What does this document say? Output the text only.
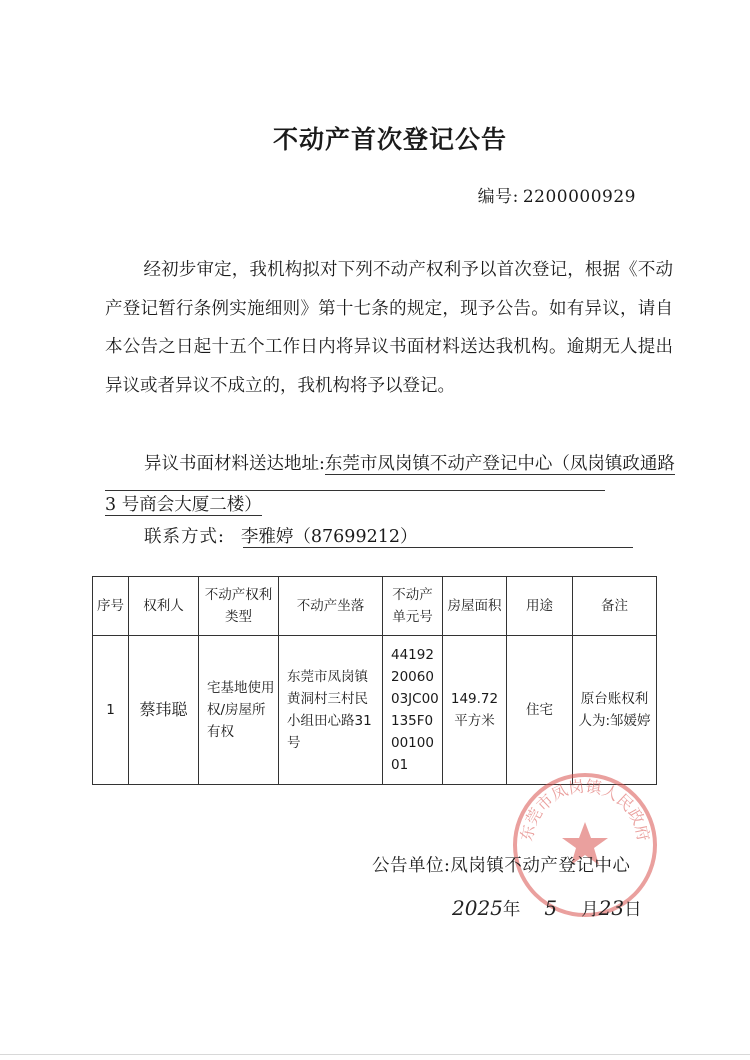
不动产首次登记公告
编号: 2200000929

经初步审定，我机构拟对下列不动产权利予以首次登记，根据《不动产登记暂行条例实施细则》第十七条的规定，现予公告。如有异议，请自本公告之日起十五个工作日内将异议书面材料送达我机构。逾期无人提出异议或者异议不成立的，我机构将予以登记。

异议书面材料送达地址:东莞市凤岗镇不动产登记中心（凤岗镇政通路 3 号商会大厦二楼）
联系方式: 李雅婷（87699212）
序号	权利人	不动产权利类型	不动产坐落	不动产单元号	房屋面积	用途	备注
1	蔡玮聪	宅基地使用权/房屋所有权	东莞市凤岗镇黄洞村三村民小组田心路31号	441922006003JC00135F00010001	149.72平方米	住宅	原台账权利人为:邹媛婷
东莞市凤岗镇人民政府
公告单位:凤岗镇不动产登记中心
2025年 5 月23日
